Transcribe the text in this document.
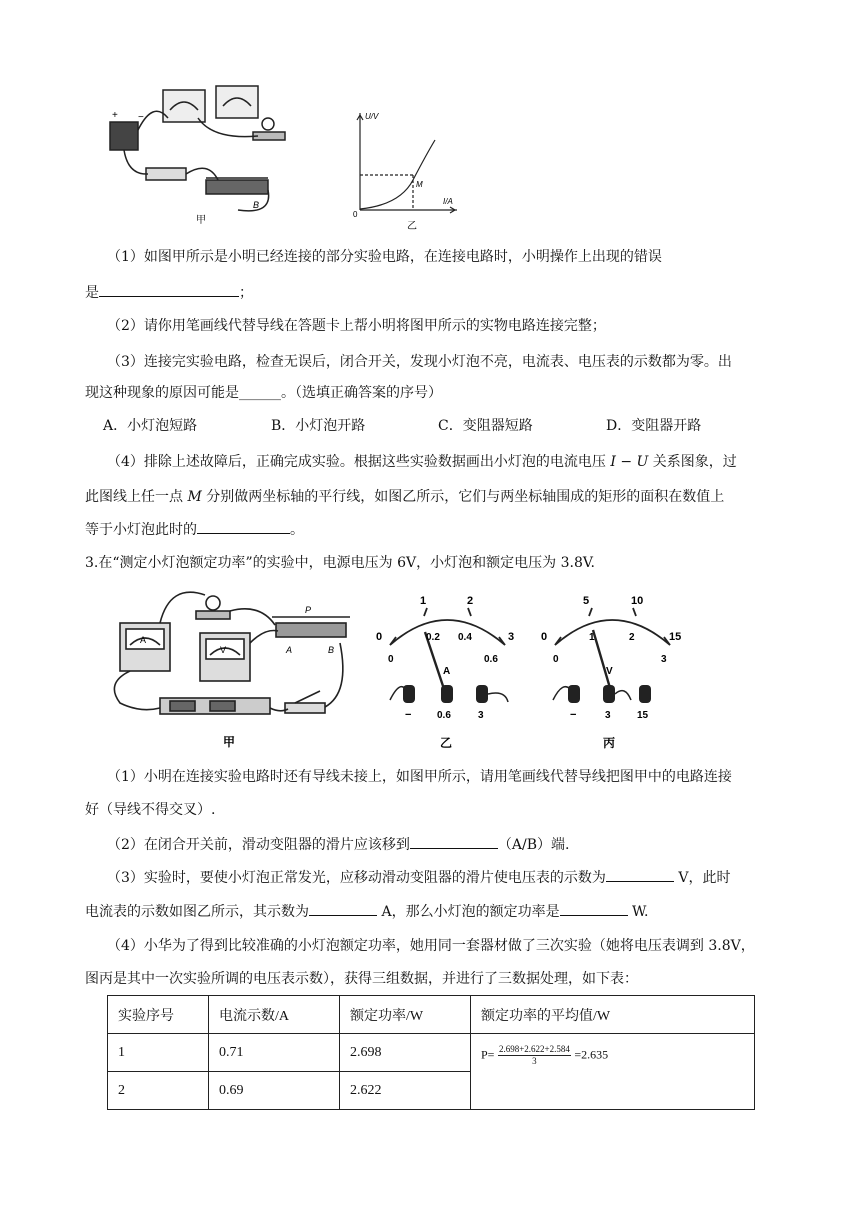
+ −
B
甲
U/V
I/A
0
M
乙
（1）如图甲所示是小明已经连接的部分实验电路，在连接电路时，小明操作上出现的错误
是	；
（2）请你用笔画线代替导线在答题卡上帮小明将图甲所示的实物电路连接完整；
（3）连接完实验电路，检查无误后，闭合开关，发现小灯泡不亮，电流表、电压表的示数都为零。出
现这种现象的原因可能是______。（选填正确答案的序号）
A．小灯泡短路	B．小灯泡开路	C．变阻器短路	D．变阻器开路
（4）排除上述故障后，正确完成实验。根据这些实验数据画出小灯泡的电流电压 I − U 关系图象，过
此图线上任一点 M 分别做两坐标轴的平行线，如图乙所示，它们与两坐标轴围成的矩形的面积在数值上
等于小灯泡此时的	。
3.在“测定小灯泡额定功率”的实验中，电源电压为 6V，小灯泡和额定电压为 3.8V.
P
A	B
A
V
甲
0
1	2
3
0
0.2 0.4
0.6
A
−	0.6	3
乙
0
5	10
15
0
1	2
3
V
−	3	15
丙
（1）小明在连接实验电路时还有导线未接上，如图甲所示，请用笔画线代替导线把图甲中的电路连接
好（导线不得交叉）.
（2）在闭合开关前，滑动变阻器的滑片应该移到	（A/B）端.
（3）实验时，要使小灯泡正常发光，应移动滑动变阻器的滑片使电压表的示数为	V，此时
电流表的示数如图乙所示，其示数为	A，那么小灯泡的额定功率是	W.
（4）小华为了得到比较准确的小灯泡额定功率，她用同一套器材做了三次实验（她将电压表调到 3.8V，
图丙是其中一次实验所调的电压表示数），获得三组数据，并进行了三数据处理，如下表：
实验序号	电流示数/A	额定功率/W	额定功率的平均值/W
1	0.71	2.698	$P= \frac{2.698+2.622+2.584}{3} =2.635$
2	0.69	2.622	
